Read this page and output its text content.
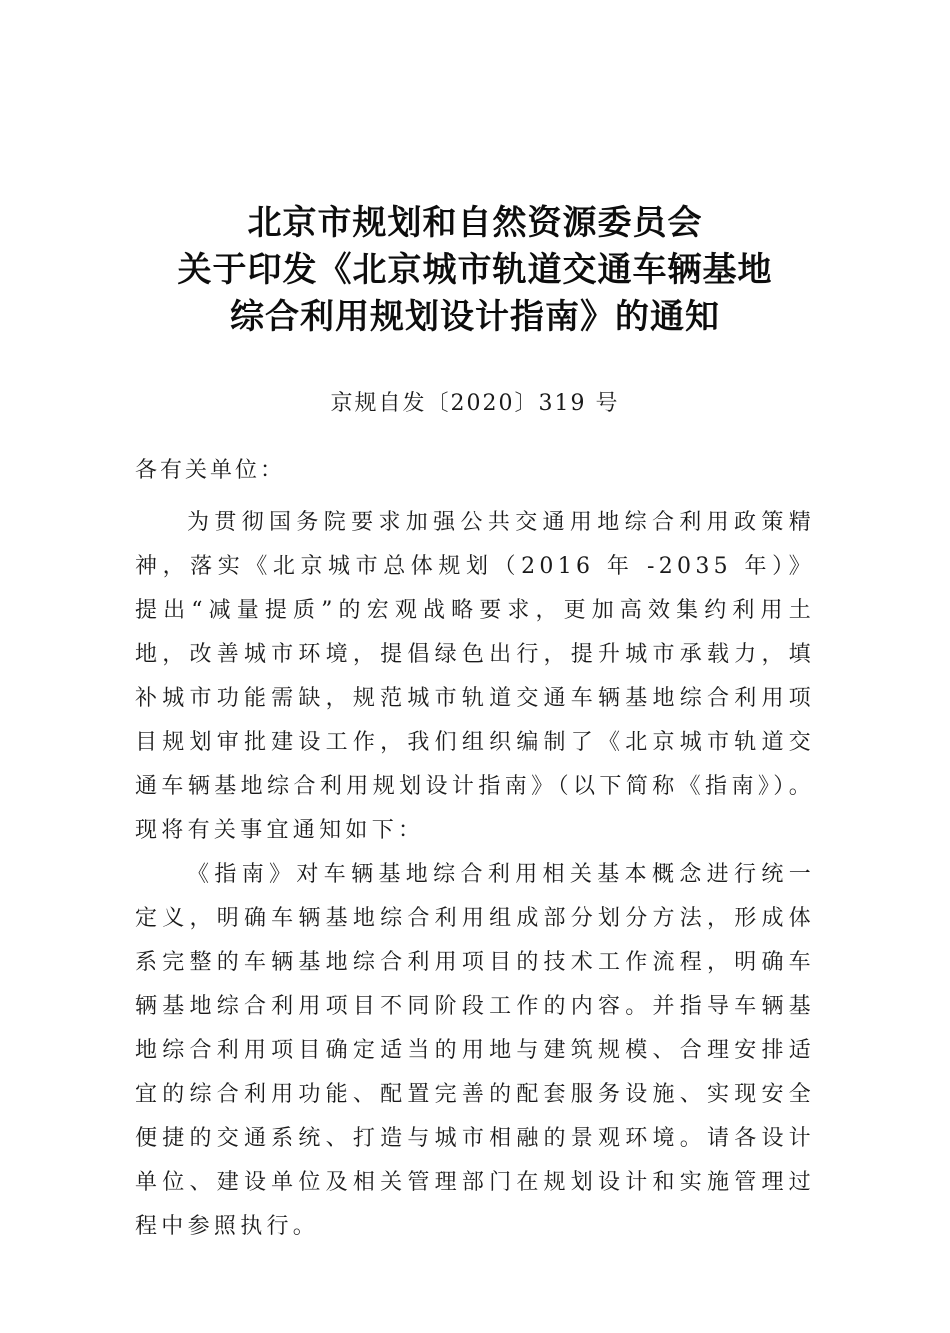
北京市规划和自然资源委员会
关于印发《北京城市轨道交通车辆基地
综合利用规划设计指南》的通知
京规自发〔2020〕319 号
各有关单位：

为贯彻国务院要求加强公共交通用地综合利用政策精神，落实《北京城市总体规划（2016 年 -2035 年）》提出“减量提质”的宏观战略要求，更加高效集约利用土地，改善城市环境，提倡绿色出行，提升城市承载力，填补城市功能需缺，规范城市轨道交通车辆基地综合利用项目规划审批建设工作，我们组织编制了《北京城市轨道交通车辆基地综合利用规划设计指南》（以下简称《指南》）。现将有关事宜通知如下：

《指南》对车辆基地综合利用相关基本概念进行统一定义，明确车辆基地综合利用组成部分划分方法，形成体系完整的车辆基地综合利用项目的技术工作流程，明确车辆基地综合利用项目不同阶段工作的内容。并指导车辆基地综合利用项目确定适当的用地与建筑规模、合理安排适宜的综合利用功能、配置完善的配套服务设施、实现安全便捷的交通系统、打造与城市相融的景观环境。请各设计单位、建设单位及相关管理部门在规划设计和实施管理过程中参照执行。
